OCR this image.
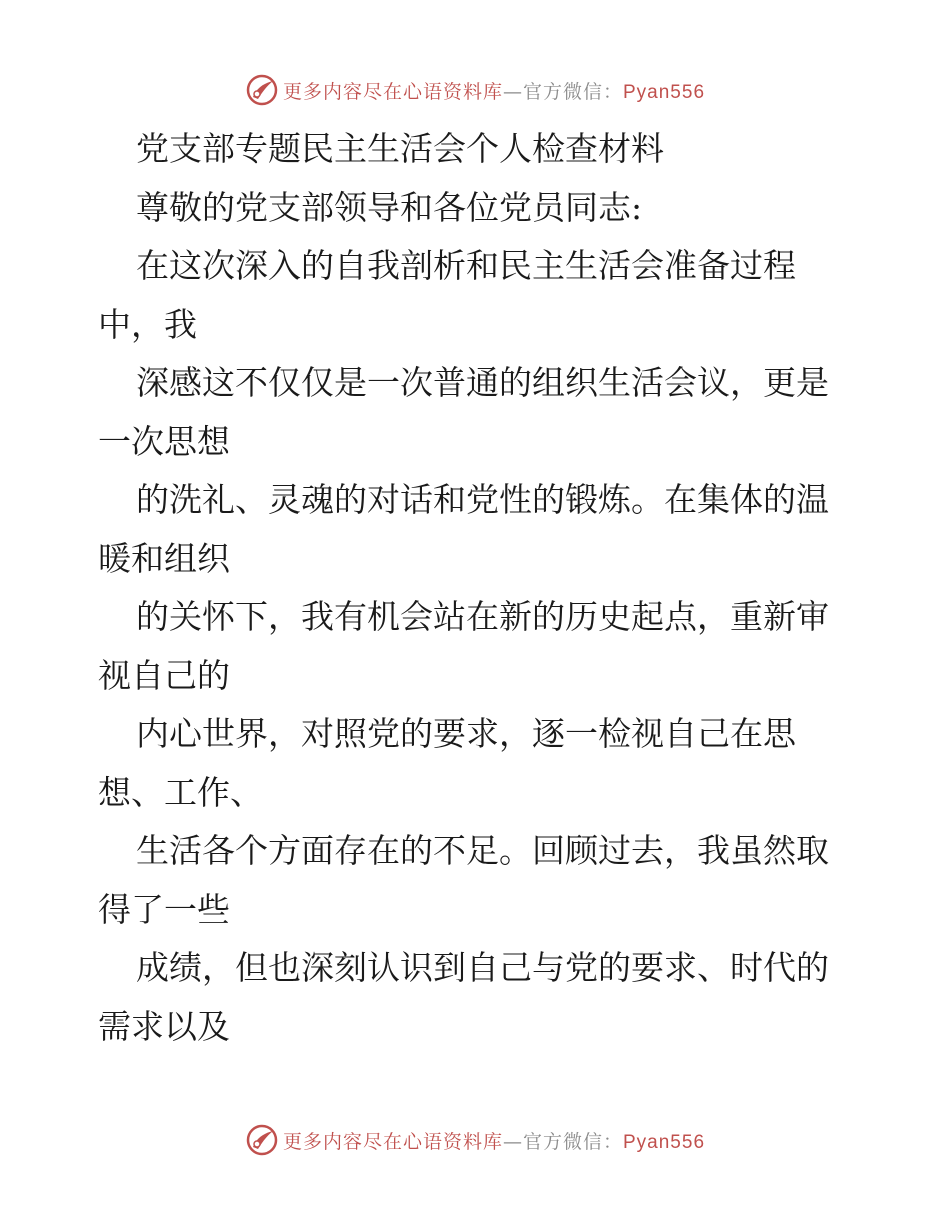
更多内容尽在心语资料库—官方微信：Pyan556
党支部专题民主生活会个人检查材料
尊敬的党支部领导和各位党员同志:
在这次深入的自我剖析和民主生活会准备过程
中，我
深感这不仅仅是一次普通的组织生活会议，更是
一次思想
的洗礼、灵魂的对话和党性的锻炼。在集体的温
暖和组织
的关怀下，我有机会站在新的历史起点，重新审
视自己的
内心世界，对照党的要求，逐一检视自己在思
想、工作、
生活各个方面存在的不足。回顾过去，我虽然取
得了一些
成绩，但也深刻认识到自己与党的要求、时代的
需求以及
更多内容尽在心语资料库—官方微信：Pyan556
